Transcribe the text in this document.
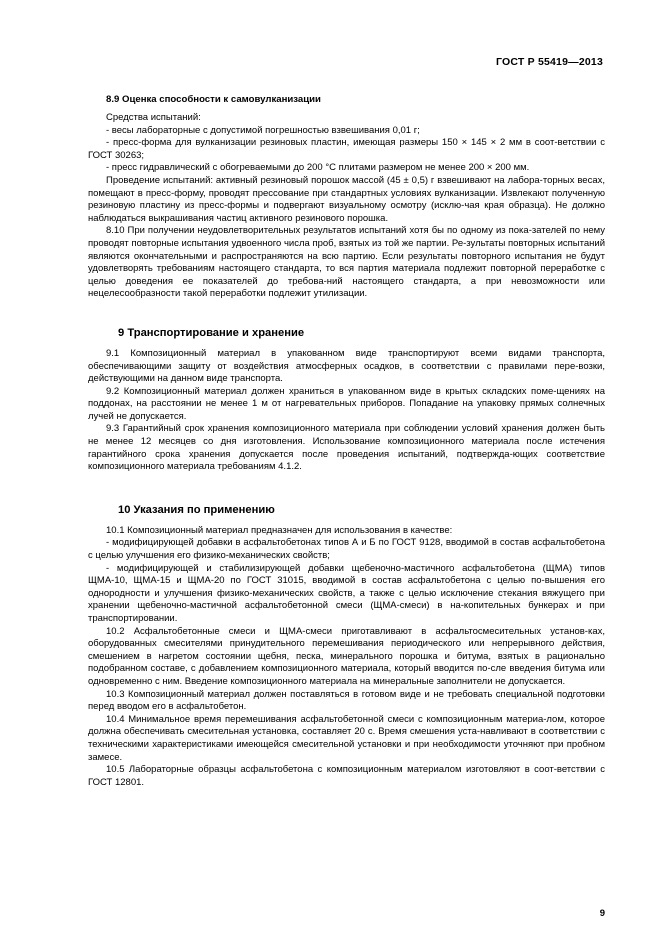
ГОСТ Р 55419—2013
8.9 Оценка способности к самовулканизации

Средства испытаний:

- весы лабораторные с допустимой погрешностью взвешивания 0,01 г;

- пресс-форма для вулканизации резиновых пластин, имеющая размеры 150 × 145 × 2 мм в соот-ветствии с ГОСТ 30263;

- пресс гидравлический с обогреваемыми до 200 °С плитами размером не менее 200 × 200 мм.

Проведение испытаний: активный резиновый порошок массой (45 ± 0,5) г взвешивают на лабора-торных весах, помещают в пресс-форму, проводят прессование при стандартных условиях вулканизации. Извлекают полученную резиновую пластину из пресс-формы и подвергают визуальному осмотру (исклю-чая края образца). Не должно наблюдаться выкрашивания частиц активного резинового порошка.

8.10 При получении неудовлетворительных результатов испытаний хотя бы по одному из пока-зателей по нему проводят повторные испытания удвоенного числа проб, взятых из той же партии. Ре-зультаты повторных испытаний являются окончательными и распространяются на всю партию. Если результаты повторного испытания не будут удовлетворять требованиям настоящего стандарта, то вся партия материала подлежит повторной переработке с целью доведения ее показателей до требова-ний настоящего стандарта, а при невозможности или нецелесообразности такой переработки подлежит утилизации.

9 Транспортирование и хранение

9.1 Композиционный материал в упакованном виде транспортируют всеми видами транспорта, обеспечивающими защиту от воздействия атмосферных осадков, в соответствии с правилами пере-возки, действующими на данном виде транспорта.

9.2 Композиционный материал должен храниться в упакованном виде в крытых складских поме-щениях на поддонах, на расстоянии не менее 1 м от нагревательных приборов. Попадание на упаковку прямых солнечных лучей не допускается.

9.3 Гарантийный срок хранения композиционного материала при соблюдении условий хранения должен быть не менее 12 месяцев со дня изготовления. Использование композиционного материала после истечения гарантийного срока хранения допускается после проведения испытаний, подтвержда-ющих соответствие композиционного материала требованиям 4.1.2.

10 Указания по применению

10.1 Композиционный материал предназначен для использования в качестве:

- модифицирующей добавки в асфальтобетонах типов А и Б по ГОСТ 9128, вводимой в состав асфальтобетона с целью улучшения его физико-механических свойств;

- модифицирующей и стабилизирующей добавки щебеночно-мастичного асфальтобетона (ЩМА) типов ЩМА-10, ЩМА-15 и ЩМА-20 по ГОСТ 31015, вводимой в состав асфальтобетона с целью по-вышения его однородности и улучшения физико-механических свойств, а также с целью исключение стекания вяжущего при хранении щебеночно-мастичной асфальтобетонной смеси (ЩМА-смеси) в на-копительных бункерах и при транспортировании.

10.2 Асфальтобетонные смеси и ЩМА-смеси приготавливают в асфальтосмесительных установ-ках, оборудованных смесителями принудительного перемешивания периодического или непрерывного действия, смешением в нагретом состоянии щебня, песка, минерального порошка и битума, взятых в рационально подобранном составе, с добавлением композиционного материала, который вводится по-сле введения битума или одновременно с ним. Введение композиционного материала на минеральные заполнители не допускается.

10.3 Композиционный материал должен поставляться в готовом виде и не требовать специальной подготовки перед вводом его в асфальтобетон.

10.4 Минимальное время перемешивания асфальтобетонной смеси с композиционным материа-лом, которое должна обеспечивать смесительная установка, составляет 20 с. Время смешения уста-навливают в соответствии с техническими характеристиками имеющейся смесительной установки и при необходимости уточняют при пробном замесе.

10.5 Лабораторные образцы асфальтобетона с композиционным материалом изготовляют в соот-ветствии с ГОСТ 12801.

9
